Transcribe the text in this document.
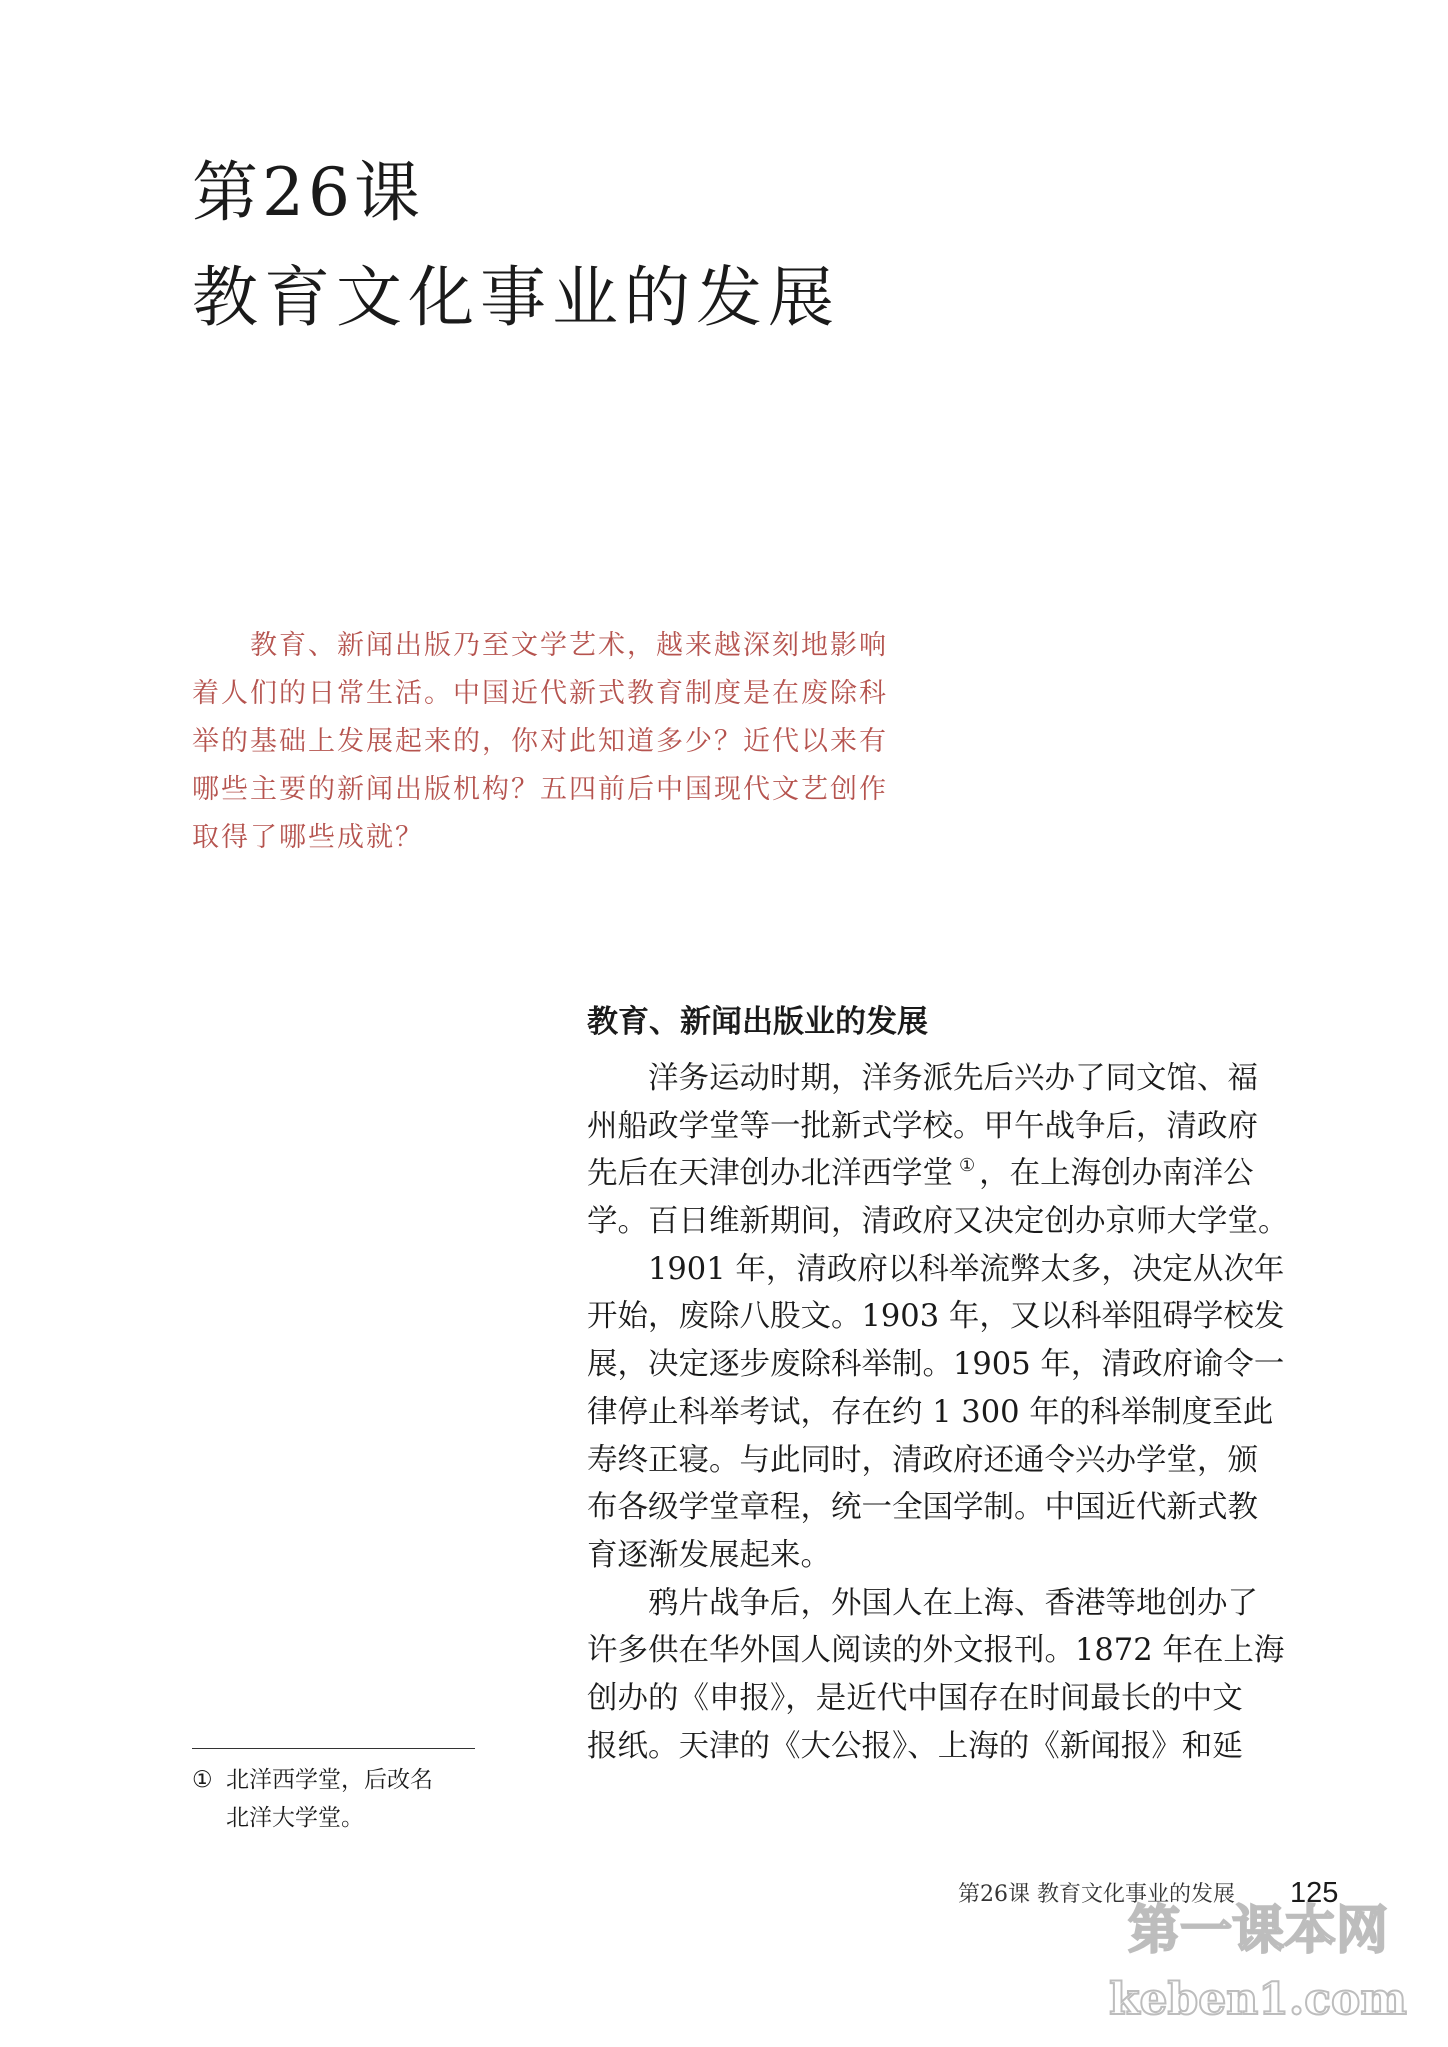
第26课
教育文化事业的发展
　　教育、新闻出版乃至文学艺术，越来越深刻地影响
着人们的日常生活。中国近代新式教育制度是在废除科
举的基础上发展起来的，你对此知道多少？近代以来有
哪些主要的新闻出版机构？五四前后中国现代文艺创作
取得了哪些成就？
教育、新闻出版业的发展
　　洋务运动时期，洋务派先后兴办了同文馆、福
州船政学堂等一批新式学校。甲午战争后，清政府
先后在天津创办北洋西学堂 ① ，在上海创办南洋公
学。百日维新期间，清政府又决定创办京师大学堂。
　　1901 年，清政府以科举流弊太多，决定从次年
开始，废除八股文。1903 年，又以科举阻碍学校发
展，决定逐步废除科举制。1905 年，清政府谕令一
律停止科举考试，存在约 1 300 年的科举制度至此
寿终正寝。与此同时，清政府还通令兴办学堂，颁
布各级学堂章程，统一全国学制。中国近代新式教
育逐渐发展起来。
　　鸦片战争后，外国人在上海、香港等地创办了
许多供在华外国人阅读的外文报刊。1872 年在上海
创办的《申报》，是近代中国存在时间最长的中文
报纸。天津的《大公报》、上海的《新闻报》和延
① 北洋西学堂，后改名
北洋大学堂。
第26课 教育文化事业的发展 125
第一课本网
keben1.com
